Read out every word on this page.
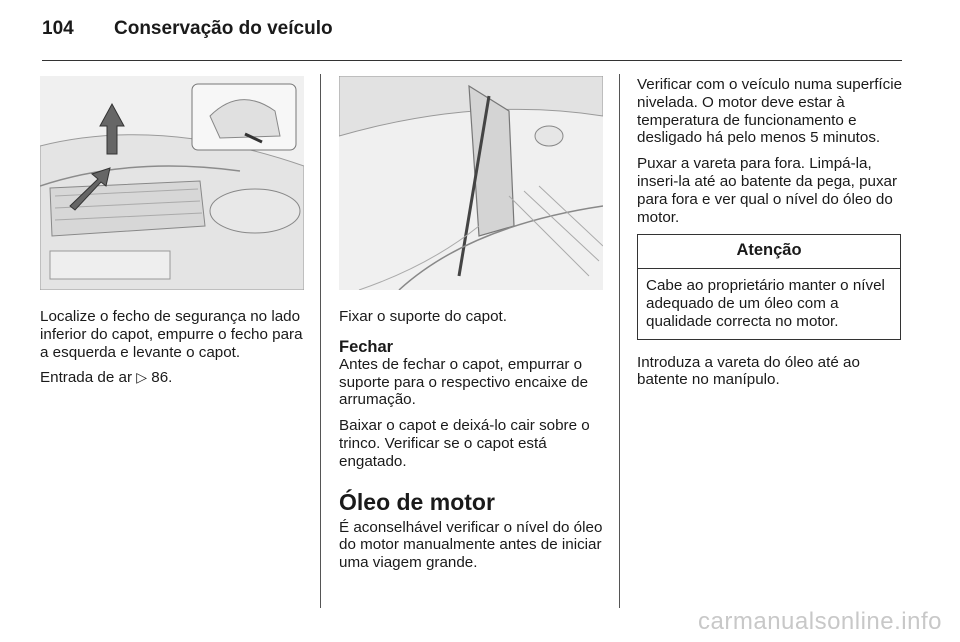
104	Conservação do veículo

Localize o fecho de segurança no lado inferior do capot, empurre o fecho para a esquerda e levante o capot.

Entrada de ar ▷ 86.

Fixar o suporte do capot.

Fechar

Antes de fechar o capot, empurrar o suporte para o respectivo encaixe de arrumação.

Baixar o capot e deixá-lo cair sobre o trinco. Verificar se o capot está engatado.

Óleo de motor

É aconselhável verificar o nível do óleo do motor manualmente antes de iniciar uma viagem grande.

Verificar com o veículo numa superfície nivelada. O motor deve estar à temperatura de funcionamento e desligado há pelo menos 5 minutos.

Puxar a vareta para fora. Limpá-la, inseri-la até ao batente da pega, puxar para fora e ver qual o nível do óleo do motor.

Atenção
Cabe ao proprietário manter o nível adequado de um óleo com a qualidade correcta no motor.

Introduza a vareta do óleo até ao batente no manípulo.

carmanualsonline.info
